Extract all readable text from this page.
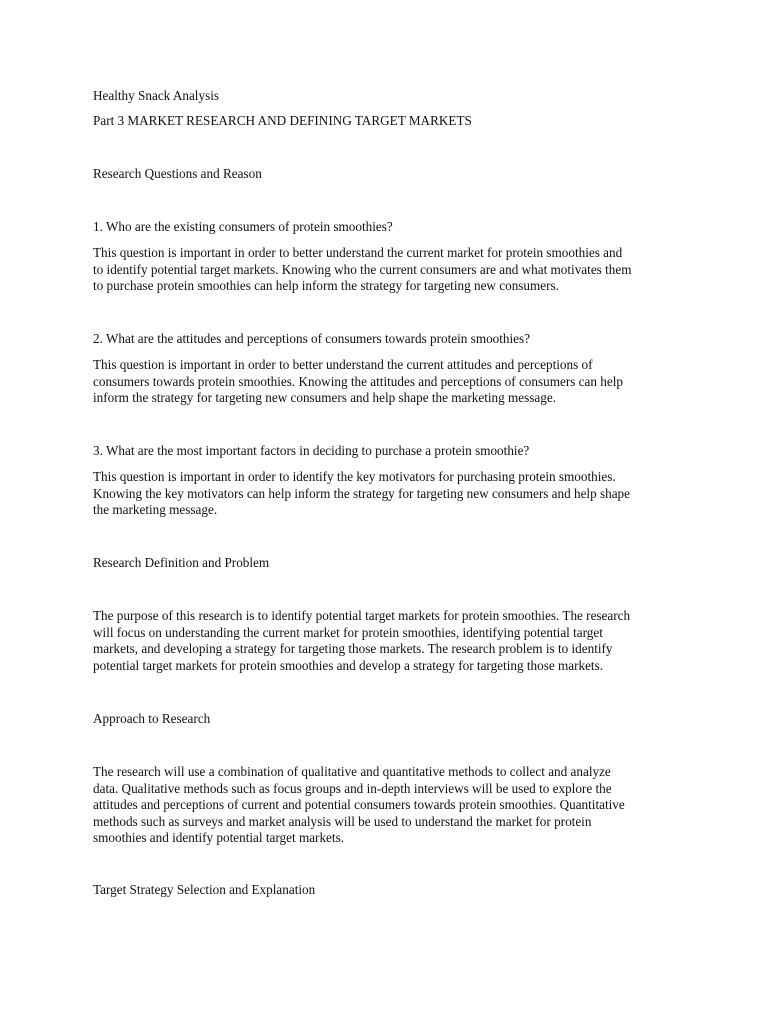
Healthy Snack Analysis

Part 3 MARKET RESEARCH AND DEFINING TARGET MARKETS

Research Questions and Reason

1. Who are the existing consumers of protein smoothies?

This question is important in order to better understand the current market for protein smoothies and
to identify potential target markets. Knowing who the current consumers are and what motivates them
to purchase protein smoothies can help inform the strategy for targeting new consumers.

2. What are the attitudes and perceptions of consumers towards protein smoothies?

This question is important in order to better understand the current attitudes and perceptions of
consumers towards protein smoothies. Knowing the attitudes and perceptions of consumers can help
inform the strategy for targeting new consumers and help shape the marketing message.

3. What are the most important factors in deciding to purchase a protein smoothie?

This question is important in order to identify the key motivators for purchasing protein smoothies.
Knowing the key motivators can help inform the strategy for targeting new consumers and help shape
the marketing message.

Research Definition and Problem

The purpose of this research is to identify potential target markets for protein smoothies. The research
will focus on understanding the current market for protein smoothies, identifying potential target
markets, and developing a strategy for targeting those markets. The research problem is to identify
potential target markets for protein smoothies and develop a strategy for targeting those markets.

Approach to Research

The research will use a combination of qualitative and quantitative methods to collect and analyze
data. Qualitative methods such as focus groups and in-depth interviews will be used to explore the
attitudes and perceptions of current and potential consumers towards protein smoothies. Quantitative
methods such as surveys and market analysis will be used to understand the market for protein
smoothies and identify potential target markets.

Target Strategy Selection and Explanation
